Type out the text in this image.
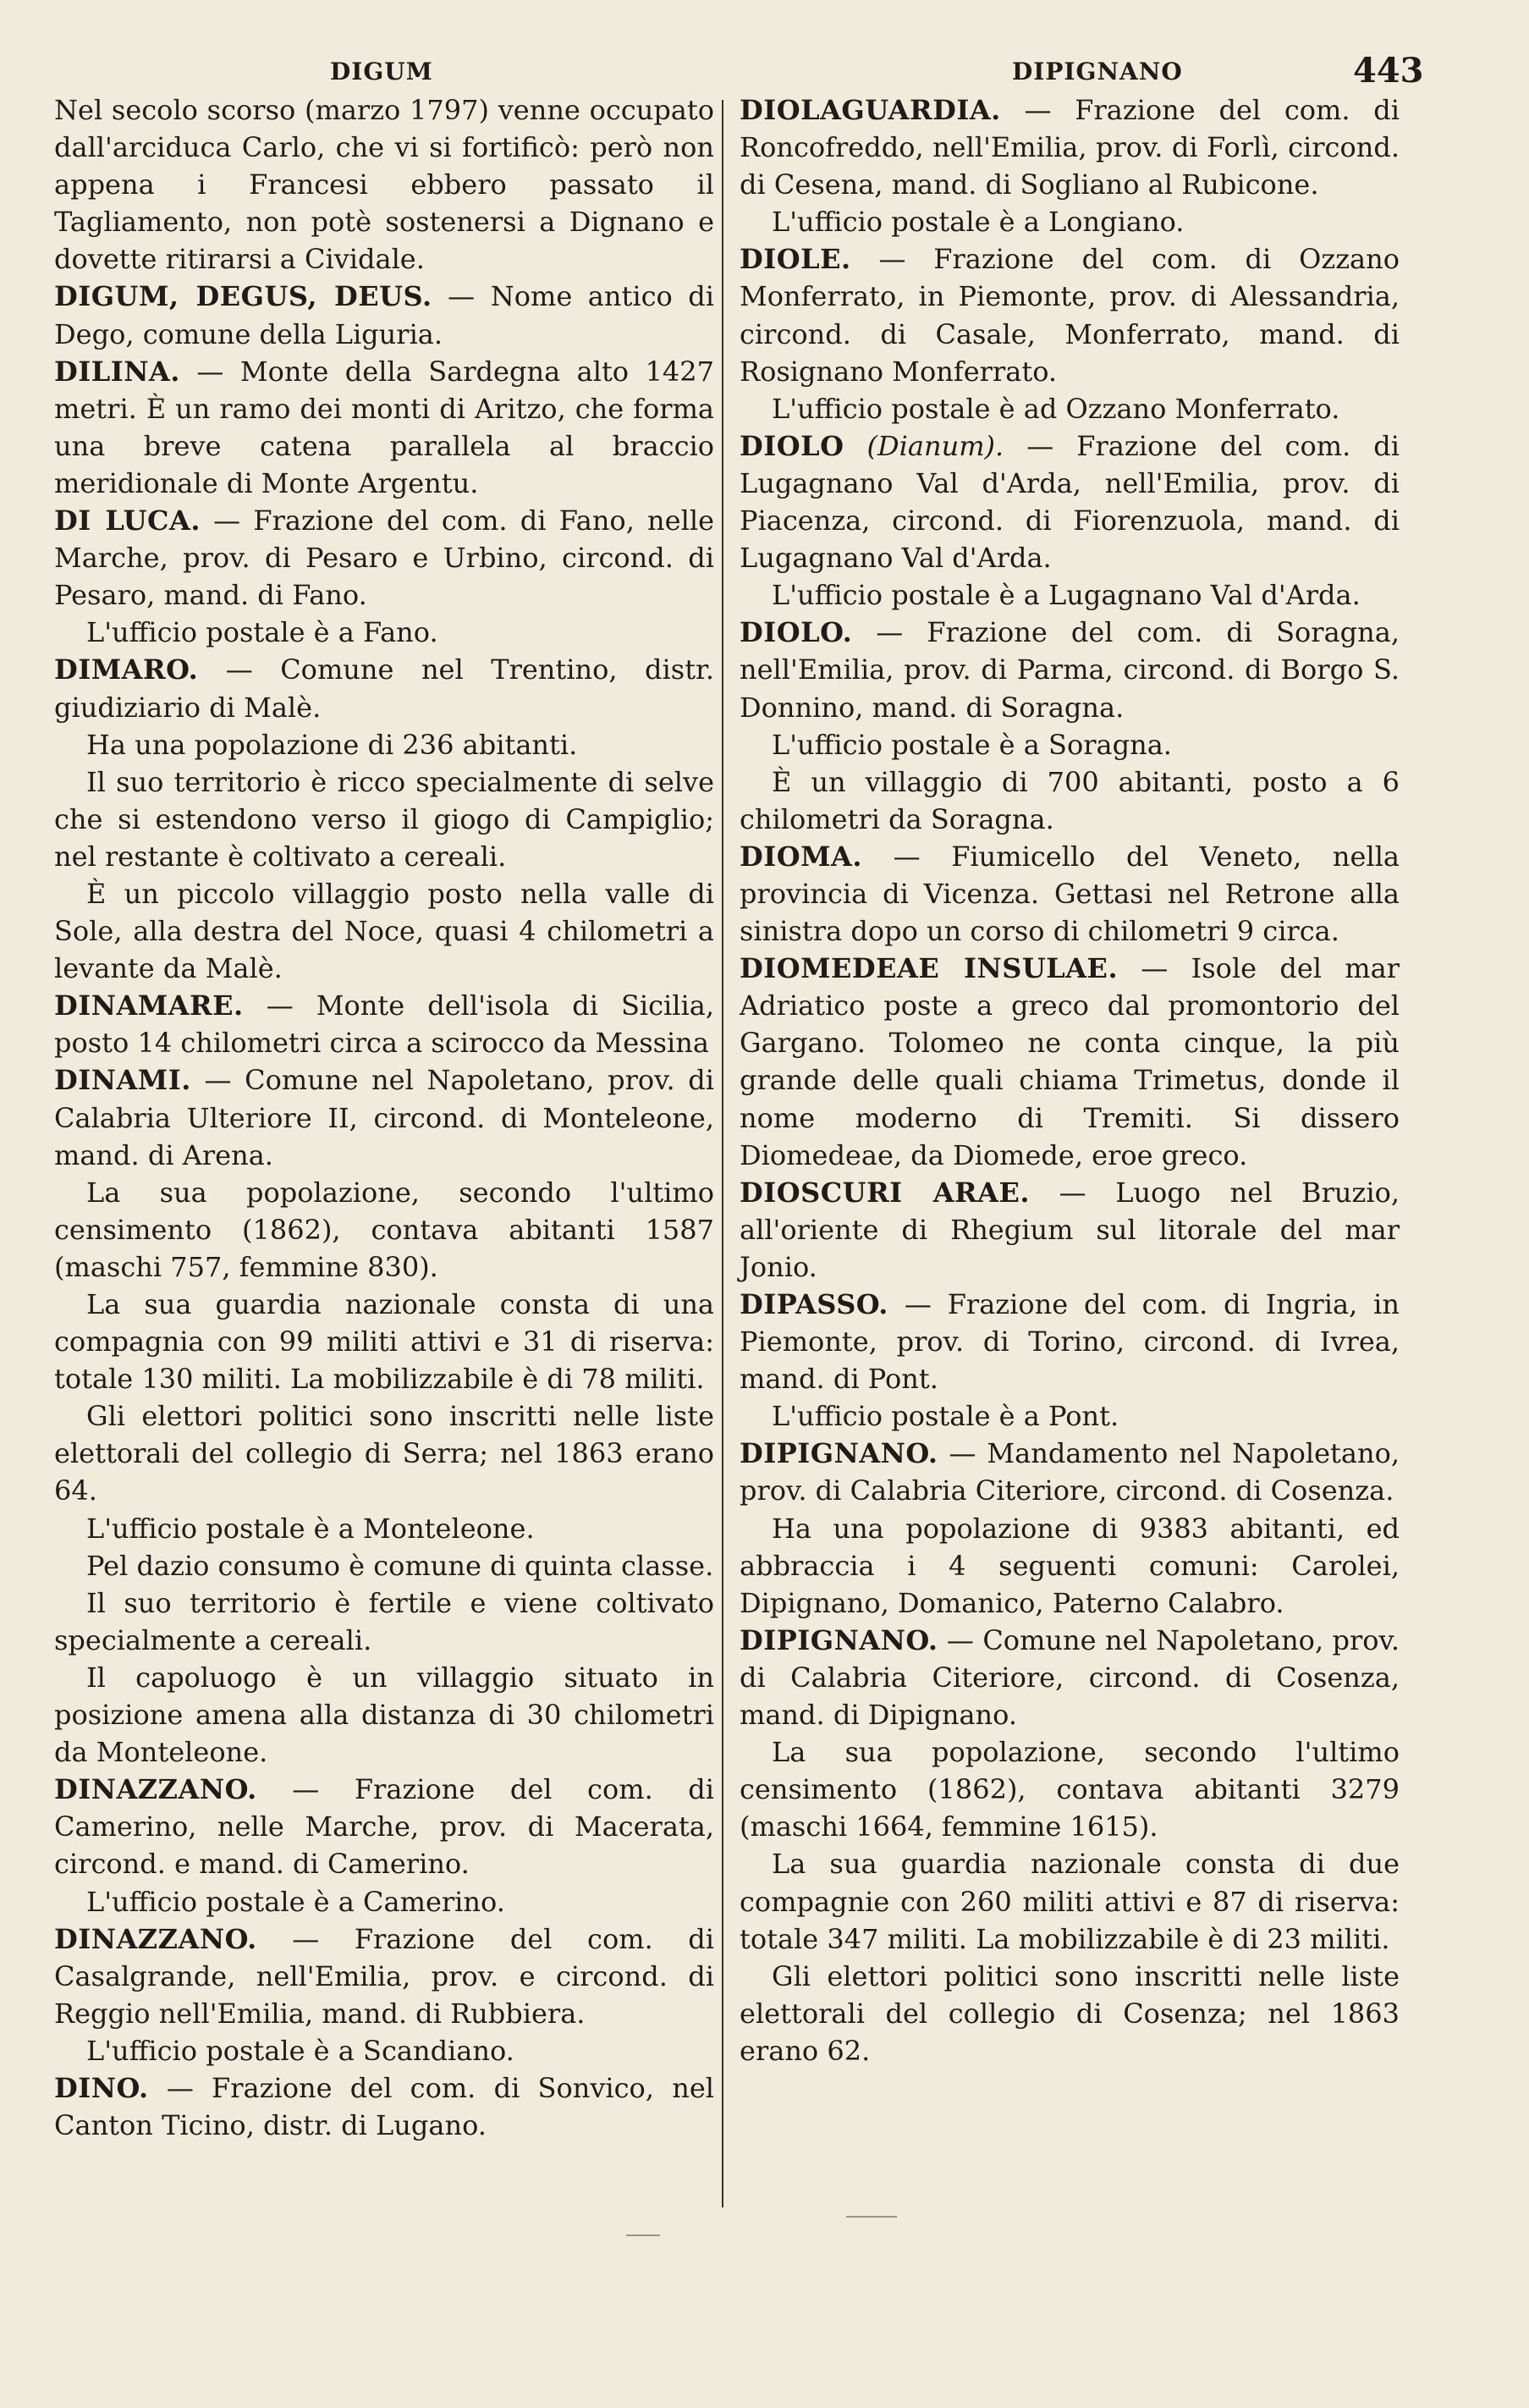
DIGUM	DIPIGNANO	443

Nel secolo scorso (marzo 1797) venne occupato dall'arciduca Carlo, che vi si fortificò: però non appena i Francesi ebbero passato il Tagliamento, non potè sostenersi a Dignano e dovette ritirarsi a Cividale.

DIGUM, DEGUS, DEUS. — Nome antico di Dego, comune della Liguria.

DILINA. — Monte della Sardegna alto 1427 metri. È un ramo dei monti di Aritzo, che forma una breve catena parallela al braccio meridionale di Monte Argentu.

DI LUCA. — Frazione del com. di Fano, nelle Marche, prov. di Pesaro e Urbino, circond. di Pesaro, mand. di Fano.

L'ufficio postale è a Fano.

DIMARO. — Comune nel Trentino, distr. giudiziario di Malè.

Ha una popolazione di 236 abitanti.

Il suo territorio è ricco specialmente di selve che si estendono verso il giogo di Campiglio; nel restante è coltivato a cereali.

È un piccolo villaggio posto nella valle di Sole, alla destra del Noce, quasi 4 chilometri a levante da Malè.

DINAMARE. — Monte dell'isola di Sicilia, posto 14 chilometri circa a scirocco da Messina

DINAMI. — Comune nel Napoletano, prov. di Calabria Ulteriore II, circond. di Monteleone, mand. di Arena.

La sua popolazione, secondo l'ultimo censimento (1862), contava abitanti 1587 (maschi 757, femmine 830).

La sua guardia nazionale consta di una compagnia con 99 militi attivi e 31 di riserva: totale 130 militi. La mobilizzabile è di 78 militi.

Gli elettori politici sono inscritti nelle liste elettorali del collegio di Serra; nel 1863 erano 64.

L'ufficio postale è a Monteleone.

Pel dazio consumo è comune di quinta classe.

Il suo territorio è fertile e viene coltivato specialmente a cereali.

Il capoluogo è un villaggio situato in posizione amena alla distanza di 30 chilometri da Monteleone.

DINAZZANO. — Frazione del com. di Camerino, nelle Marche, prov. di Macerata, circond. e mand. di Camerino.

L'ufficio postale è a Camerino.

DINAZZANO. — Frazione del com. di Casalgrande, nell'Emilia, prov. e circond. di Reggio nell'Emilia, mand. di Rubbiera.

L'ufficio postale è a Scandiano.

DINO. — Frazione del com. di Sonvico, nel Canton Ticino, distr. di Lugano.

DIOLAGUARDIA. — Frazione del com. di Roncofreddo, nell'Emilia, prov. di Forlì, circond. di Cesena, mand. di Sogliano al Rubicone.

L'ufficio postale è a Longiano.

DIOLE. — Frazione del com. di Ozzano Monferrato, in Piemonte, prov. di Alessandria, circond. di Casale, Monferrato, mand. di Rosignano Monferrato.

L'ufficio postale è ad Ozzano Monferrato.

DIOLO (Dianum). — Frazione del com. di Lugagnano Val d'Arda, nell'Emilia, prov. di Piacenza, circond. di Fiorenzuola, mand. di Lugagnano Val d'Arda.

L'ufficio postale è a Lugagnano Val d'Arda.

DIOLO. — Frazione del com. di Soragna, nell'Emilia, prov. di Parma, circond. di Borgo S. Donnino, mand. di Soragna.

L'ufficio postale è a Soragna.

È un villaggio di 700 abitanti, posto a 6 chilometri da Soragna.

DIOMA. — Fiumicello del Veneto, nella provincia di Vicenza. Gettasi nel Retrone alla sinistra dopo un corso di chilometri 9 circa.

DIOMEDEAE INSULAE. — Isole del mar Adriatico poste a greco dal promontorio del Gargano. Tolomeo ne conta cinque, la più grande delle quali chiama Trimetus, donde il nome moderno di Tremiti. Si dissero Diomedeae, da Diomede, eroe greco.

DIOSCURI ARAE. — Luogo nel Bruzio, all'oriente di Rhegium sul litorale del mar Jonio.

DIPASSO. — Frazione del com. di Ingria, in Piemonte, prov. di Torino, circond. di Ivrea, mand. di Pont.

L'ufficio postale è a Pont.

DIPIGNANO. — Mandamento nel Napoletano, prov. di Calabria Citeriore, circond. di Cosenza.

Ha una popolazione di 9383 abitanti, ed abbraccia i 4 seguenti comuni: Carolei, Dipignano, Domanico, Paterno Calabro.

DIPIGNANO. — Comune nel Napoletano, prov. di Calabria Citeriore, circond. di Cosenza, mand. di Dipignano.

La sua popolazione, secondo l'ultimo censimento (1862), contava abitanti 3279 (maschi 1664, femmine 1615).

La sua guardia nazionale consta di due compagnie con 260 militi attivi e 87 di riserva: totale 347 militi. La mobilizzabile è di 23 militi.

Gli elettori politici sono inscritti nelle liste elettorali del collegio di Cosenza; nel 1863 erano 62.
